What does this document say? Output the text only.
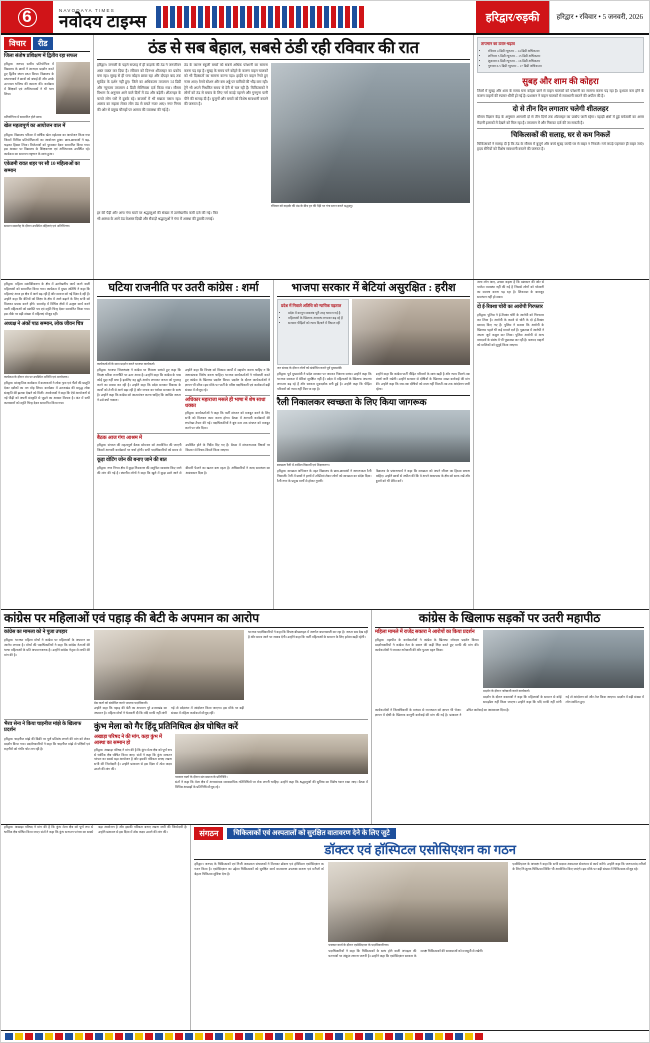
6	NAVODAYA TIMES
नवोदय टाइम्स	हरिद्वार/रुड़की	हरिद्वार • रविवार • 5 जनवरी, 2026
विचार	रीड
जिला संतोष प्रशिक्षण में द्वितीय रहा सफल
हरिद्वार। जनपद स्तरीय प्रतियोगिता में विद्यालय के छात्रों ने शानदार प्रदर्शन करते हुए द्वितीय स्थान प्राप्त किया। विद्यालय के प्रधानाचार्य ने छात्रों को बधाई दी और उनके उज्ज्वल भविष्य की कामना की। कार्यक्रम में शिक्षकों एवं अभिभावकों ने भी भाग लिया।
प्रतियोगिता में सम्मानित होते छात्र।
खेल महत्वपूर्ण का आयोजन वाल में
हरिद्वार। विद्यालय परिसर में वार्षिक खेल महोत्सव का आयोजन किया गया जिसमें विभिन्न प्रतियोगिताओं का आयोजन हुआ। छात्र-छात्राओं ने बढ़-चढ़कर हिस्सा लिया। विजेताओं को पुरस्कार देकर सम्मानित किया गया। इस अवसर पर विद्यालय के शिक्षकगण एवं अभिभावक उपस्थित रहे। कार्यक्रम का समापन राष्ट्रगान के साथ हुआ।
एकेडमी रावत शहर पर सौ 10 महिलाओं का सम्मान
सम्मान समारोह के दौरान उपस्थित महिलाएं एवं अतिथिगण।
ठंड से सब बेहाल, सबसे ठंडी रही रविवार की रात
हरिद्वार। जनवरी के पहले सप्ताह में ही कड़ाके की ठंड ने जनजीवन अस्त व्यस्त कर दिया है। रविवार को दिनभर शीतलहर का प्रकोप बना रहा। सुबह से ही घना कोहरा छाया रहा और दोपहर बाद तक सूर्यदेव के दर्शन नहीं हुए। जिले का अधिकतम तापमान 14 डिग्री और न्यूनतम तापमान 4 डिग्री सेल्सियस दर्ज किया गया। मौसम विभाग के अनुसार आने वाले दिनों में ठंड और बढ़ेगी। शीतलहर के चलते लोग घरों में दुबके रहे। बाजारों में भी सन्नाटा पसरा रहा। अलाव का सहारा लेकर लोग ठंड से बचते नजर आए। नगर निगम की ओर से प्रमुख चौराहों पर अलाव की व्यवस्था की गई है।
ठंड के कारण स्कूली बच्चों को सबसे अधिक परेशानी का सामना करना पड़ रहा है। सुबह के समय घने कोहरे के कारण वाहन चालकों को भी दिक्कतों का सामना करना पड़ा। हाईवे पर वाहन रेंगते हुए नजर आए। रेलवे स्टेशन और बस अड्डे पर यात्रियों की भीड़ कम रही। ट्रेनें भी अपने निर्धारित समय से देरी से चल रही हैं। चिकित्सकों ने लोगों को ठंड से बचाव के लिए गर्म कपड़े पहनने और गुनगुना पानी पीने की सलाह दी है। बुजुर्गों और बच्चों को विशेष सावधानी बरतने की जरूरत है।
रविवार को कड़ाके की ठंड के बीच हर की पैड़ी पर गंगा स्नान करते श्रद्धालु।
हर की पैड़ी और अन्य गंगा घाटों पर श्रद्धालुओं की संख्या में उल्लेखनीय कमी दर्ज की गई। फिर भी आस्था के आगे ठंड बेअसर दिखी और सैकड़ों श्रद्धालुओं ने गंगा में आस्था की डुबकी लगाई।
तापमान का उतार-चढ़ाव
• रविवार 4 डिग्री न्यूनतम – 14 डिग्री अधिकतम
• शनिवार 5 डिग्री न्यूनतम – 15 डिग्री अधिकतम
• शुक्रवार 6 डिग्री न्यूनतम – 16 डिग्री अधिकतम
• गुरुवार 6.5 डिग्री न्यूनतम – 17 डिग्री अधिकतम
सुबह और शाम की कोहरा
जिलों में सुबह और शाम के समय घना कोहरा छाने से वाहन चालकों को परेशानी का सामना करना पड़ रहा है। दृश्यता कम होने के कारण वाहनों की रफ्तार धीमी हो गई है। प्रशासन ने वाहन चालकों से सावधानी बरतने की अपील की है।
दो से तीन दिन लगातार चलेगी शीतलहर
मौसम विज्ञान केंद्र के अनुसार आगामी दो से तीन दिनों तक शीतलहर का प्रकोप जारी रहेगा। पहाड़ी क्षेत्रों में हुई बर्फबारी का असर मैदानी इलाकों में देखने को मिल रहा है। तापमान में और गिरावट दर्ज की जा सकती है।
चिकित्सकों की सलाह, घर से कम निकलें
चिकित्सकों ने सलाह दी है कि ठंड के मौसम में बुजुर्ग और बच्चे सुबह जल्दी घर से बाहर न निकलें। गर्म कपड़े पहनकर ही बाहर जाएं। हृदय रोगियों को विशेष सावधानी बरतने की जरूरत है।
हरिद्वार। महिला सशक्तिकरण के क्षेत्र में उल्लेखनीय कार्य करने वाली महिलाओं को सम्मानित किया गया। कार्यक्रम में मुख्य अतिथि ने कहा कि महिलाएं आज हर क्षेत्र में आगे बढ़ रही हैं और समाज को नई दिशा दे रही हैं। उन्होंने कहा कि बेटियों को शिक्षा के क्षेत्र में आगे बढ़ाने के लिए सभी को मिलकर प्रयास करने होंगे। समारोह में विभिन्न क्षेत्रों में उत्कृष्ट कार्य करने वाली महिलाओं को प्रशस्ति पत्र एवं स्मृति चिन्ह देकर सम्मानित किया गया। इस मौके पर बड़ी संख्या में महिलाएं मौजूद रहीं।
अध्यक्ष ने अंकों पाठ सम्मान, लोक जीवन चित्र
कार्यक्रम के दौरान मंच पर उपस्थित अतिथि एवं आयोजक।
हरिद्वार। सांस्कृतिक कार्यक्रम में कलाकारों ने लोक नृत्य एवं गीतों की प्रस्तुति देकर दर्शकों का मन मोह लिया। कार्यक्रम में उत्तराखंड की समृद्ध लोक संस्कृति की झलक देखने को मिली। आयोजकों ने कहा कि ऐसे आयोजनों से नई पीढ़ी को अपनी संस्कृति से जुड़ने का अवसर मिलता है। अंत में सभी कलाकारों को स्मृति चिन्ह देकर सम्मानित किया गया।
घटिया राजनीति पर उतरी कांग्रेस : शर्मा
कार्यकर्ताओं के साथ प्रदर्शन करते भाजपा कार्यकर्ता।
हरिद्वार। भाजपा जिलाध्यक्ष ने कांग्रेस पर निशाना साधते हुए कहा कि विपक्ष घटिया राजनीति पर उतर आया है। उन्होंने कहा कि कांग्रेस के पास कोई मुद्दा नहीं बचा है इसलिए वह झूठे आरोप लगाकर जनता को गुमराह करने का प्रयास कर रही है। उन्होंने कहा कि प्रदेश सरकार विकास के कार्यों को तेजी से आगे बढ़ा रही है और जनता का भरोसा सरकार के साथ है। उन्होंने कहा कि कांग्रेस को आत्ममंथन करना चाहिए कि आखिर जनता ने उसे क्यों नकारा।
उन्होंने कहा कि विपक्ष को विकास कार्यों में सहयोग करना चाहिए न कि अनावश्यक विरोध करना चाहिए। भाजपा कार्यकर्ताओं ने नारेबाजी करते हुए कांग्रेस के खिलाफ प्रदर्शन किया। प्रदर्शन के दौरान कार्यकर्ताओं ने ज्ञापन भी सौंपा। इस मौके पर पार्टी के वरिष्ठ पदाधिकारी एवं कार्यकर्ता बड़ी संख्या में मौजूद रहे।
अधिकार महाराजा मसले ही भाषा में शेष साधा धक्का
हरिद्वार। कार्यकर्ताओं ने कहा कि पार्टी संगठन को मजबूत करने के लिए सभी को मिलकर काम करना होगा। बैठक में आगामी कार्यक्रमों की रूपरेखा तैयार की गई। पदाधिकारियों ने बूथ स्तर तक संगठन को मजबूत करने पर जोर दिया।
बैठक आज गंगा आश्रम में
हरिद्वार। संगठन की महत्वपूर्ण बैठक सोमवार को आयोजित की जाएगी जिसमें आगामी कार्यक्रमों पर चर्चा होगी। सभी पदाधिकारियों को समय से उपस्थित होने के निर्देश दिए गए हैं। बैठक में संगठनात्मक विषयों पर विस्तार से विचार-विमर्श किया जाएगा।
कूड़ा वोटिंग जोन की बनाए जाने की बात
हरिद्वार। नगर निगम क्षेत्र में कूड़ा निस्तारण की समुचित व्यवस्था किए जाने की मांग की गई है। स्थानीय लोगों ने कहा कि खुले में कूड़ा डाले जाने से बीमारी फैलने का खतरा बना रहता है। अधिकारियों ने जल्द समाधान का आश्वासन दिया है।
भाजपा सरकार में बेटियां असुरक्षित : हरीश
प्रदेश में निवाले अतिथि को न्यायिक पड़ताल
• प्रदेश में कानून व्यवस्था पूरी तरह चरमरा गई है
• महिलाओं के खिलाफ अपराध लगातार बढ़ रहे हैं
• सरकार पीड़ितों को न्याय दिलाने में विफल रही
जन संवाद के दौरान लोगों को संबोधित करते पूर्व मुख्यमंत्री।
हरिद्वार। पूर्व मुख्यमंत्री ने प्रदेश सरकार पर जमकर निशाना साधा। उन्होंने कहा कि भाजपा सरकार में बेटियां सुरक्षित नहीं हैं। प्रदेश में महिलाओं के खिलाफ अपराध लगातार बढ़ रहे हैं और सरकार मूकदर्शक बनी हुई है। उन्होंने कहा कि पीड़ित परिवारों को न्याय नहीं मिल पा रहा है।
उन्होंने कहा कि कांग्रेस पार्टी पीड़ित परिवारों के साथ खड़ी है और न्याय मिलने तक संघर्ष जारी रखेगी। उन्होंने सरकार से दोषियों के खिलाफ सख्त कार्रवाई की मांग की। उन्होंने कहा कि जब तक दोषियों को सजा नहीं मिलती तब तक आंदोलन जारी रहेगा।
रैली निकालकर स्वच्छता के लिए किया जागरूक
स्वच्छता रैली में शामिल विद्यार्थी एवं शिक्षकगण।
हरिद्वार। स्वच्छता अभियान के तहत विद्यालय के छात्र-छात्राओं ने जागरूकता रैली निकाली। रैली में छात्रों ने हाथों में तख्तियां लेकर लोगों को स्वच्छता का संदेश दिया। रैली नगर के प्रमुख मार्गों से होकर गुजरी।
विद्यालय के प्रधानाचार्य ने कहा कि स्वच्छता को अपने जीवन का हिस्सा बनाना चाहिए। उन्होंने छात्रों से अपील की कि वे अपने आसपास के क्षेत्र को साफ रखें और दूसरों को भी प्रेरित करें।
अन्य लोग आए, उनका कहना है कि प्रशासन की ओर से पर्याप्त व्यवस्था नहीं की गई है जिससे लोगों को परेशानी का सामना करना पड़ रहा है। शिकायत के बावजूद समाधान नहीं हो सका।
दो ई-रिक्शा चोरी का आरोपी गिरफ्तार
हरिद्वार। पुलिस ने ई-रिक्शा चोरी के आरोपी को गिरफ्तार कर लिया है। आरोपी के कब्जे से चोरी के दो ई-रिक्शा बरामद किए गए हैं। पुलिस ने बताया कि आरोपी के खिलाफ पहले भी कई मामले दर्ज हैं। पूछताछ में आरोपी ने अपना जुर्म कबूल कर लिया। पुलिस आरोपी से अन्य वारदातों के संबंध में भी पूछताछ कर रही है। बरामद वाहनों को मालिकों को सुपुर्द किया जाएगा।
कांग्रेस पर महिलाओं एवं पहाड़ की बेटी के अपमान का आरोप
कांग्रेस का मामला को ने पूजा उपहार
हरिद्वार। भाजपा महिला मोर्चा ने कांग्रेस पर महिलाओं के अपमान का आरोप लगाया है। मोर्चा की पदाधिकारियों ने कहा कि कांग्रेस नेताओं की भाषा महिलाओं के प्रति अपमानजनक है। उन्होंने कांग्रेस नेतृत्व से माफी की मांग की है।
प्रेस वार्ता को संबोधित करते भाजपा पदाधिकारी।
उन्होंने कहा कि पहाड़ की बेटी का अपमान पूरे उत्तराखंड का अपमान है। महिला मोर्चा ने चेतावनी दी कि यदि माफी नहीं मांगी गई तो प्रदेशभर में आंदोलन किया जाएगा। इस मौके पर बड़ी संख्या में महिला कार्यकर्ता मौजूद रहीं।
भाजपा पदाधिकारियों ने कहा कि विपक्ष बौखलाहट में अनर्गल बयानबाजी कर रहा है। जनता सब देख रही है और समय आने पर जवाब देगी। उन्होंने कहा कि पार्टी महिलाओं के सम्मान के लिए हमेशा खड़ी रहेगी।
भैरव सेना ने किया चाइनीज मांझे के खिलाफ प्रदर्शन
हरिद्वार। चाइनीज मांझे की बिक्री पर पूर्ण प्रतिबंध लगाने की मांग को लेकर प्रदर्शन किया गया। प्रदर्शनकारियों ने कहा कि चाइनीज मांझे से पक्षियों एवं राहगीरों को गंभीर चोट लग रही है।
कुंभ मेला को गैर हिंदू प्रतिनिधित्व क्षेत्र घोषित करें
अखाड़ा परिषद ने की मांग, कहा कुंभ में आस्था का सम्मान हो
हरिद्वार। अखाड़ा परिषद ने मांग की है कि कुंभ मेला क्षेत्र को पूर्ण रूप से धार्मिक क्षेत्र घोषित किया जाए। संतों ने कहा कि कुंभ सनातन परंपरा का सबसे बड़ा आयोजन है और इसकी पवित्रता बनाए रखना सभी की जिम्मेदारी है। उन्होंने प्रशासन से इस दिशा में ठोस कदम उठाने की मांग की।
पत्रकार वार्ता के दौरान संत समाज के प्रतिनिधि।
संतों ने कहा कि मेला क्षेत्र में अनावश्यक व्यावसायिक गतिविधियों पर रोक लगनी चाहिए। उन्होंने कहा कि श्रद्धालुओं की सुविधा का विशेष ध्यान रखा जाए। बैठक में विभिन्न अखाड़ों के प्रतिनिधि मौजूद रहे।
कांग्रेस के खिलाफ सड़कों पर उतरी महापीठ
महिला मामले में राजेंद्र सकारा ने आरोपों का किया प्रदर्शन
हरिद्वार। महापीठ के कार्यकर्ताओं ने कांग्रेस के खिलाफ जोरदार प्रदर्शन किया। प्रदर्शनकारियों ने कांग्रेस नेता के बयान की कड़ी निंदा करते हुए माफी की मांग की। कार्यकर्ताओं ने जमकर नारेबाजी की और पुतला दहन किया।
प्रदर्शन के दौरान नारेबाजी करते कार्यकर्ता।
प्रदर्शन के दौरान वक्ताओं ने कहा कि महिलाओं के सम्मान से कोई समझौता नहीं किया जाएगा। उन्होंने कहा कि यदि माफी नहीं मांगी गई तो आंदोलन को और तेज किया जाएगा। प्रदर्शन में बड़ी संख्या में लोग शामिल हुए।
कार्यकर्ताओं ने जिलाधिकारी के माध्यम से राज्यपाल को ज्ञापन भी भेजा। ज्ञापन में दोषी के खिलाफ कानूनी कार्रवाई की मांग की गई है। प्रशासन ने उचित कार्रवाई का आश्वासन दिया है।
हरिद्वार। अखाड़ा परिषद ने मांग की है कि कुंभ मेला क्षेत्र को पूर्ण रूप से धार्मिक क्षेत्र घोषित किया जाए। संतों ने कहा कि कुंभ सनातन परंपरा का सबसे बड़ा आयोजन है और इसकी पवित्रता बनाए रखना सभी की जिम्मेदारी है। उन्होंने प्रशासन से इस दिशा में ठोस कदम उठाने की मांग की।	संगठन	चिकित्सकों एवं अस्पतालों को सुरक्षित वातावरण देने के लिए जुटे
डॉक्टर एवं हॉस्पिटल एसोसिएशन का गठन
हरिद्वार। जनपद के चिकित्सकों एवं निजी अस्पताल संचालकों ने मिलकर डॉक्टर एवं हॉस्पिटल एसोसिएशन का गठन किया है। एसोसिएशन का उद्देश्य चिकित्सकों को सुरक्षित कार्य वातावरण उपलब्ध कराना एवं मरीजों को बेहतर चिकित्सा सुविधा देना है।
पत्रकार वार्ता के दौरान एसोसिएशन के पदाधिकारीगण।
पदाधिकारियों ने कहा कि चिकित्सकों के साथ होने वाली अभद्रता की घटनाओं पर अंकुश लगाना जरूरी है। उन्होंने कहा कि एसोसिएशन सरकार के समक्ष चिकित्सकों की समस्याओं को मजबूती से रखेगी।
एसोसिएशन के अध्यक्ष ने कहा कि सभी सदस्य अस्पताल सेवाभाव से कार्य करेंगे। उन्होंने कहा कि जरूरतमंद मरीजों के लिए नि:शुल्क चिकित्सा शिविर भी आयोजित किए जाएंगे। इस मौके पर बड़ी संख्या में चिकित्सक मौजूद रहे।
